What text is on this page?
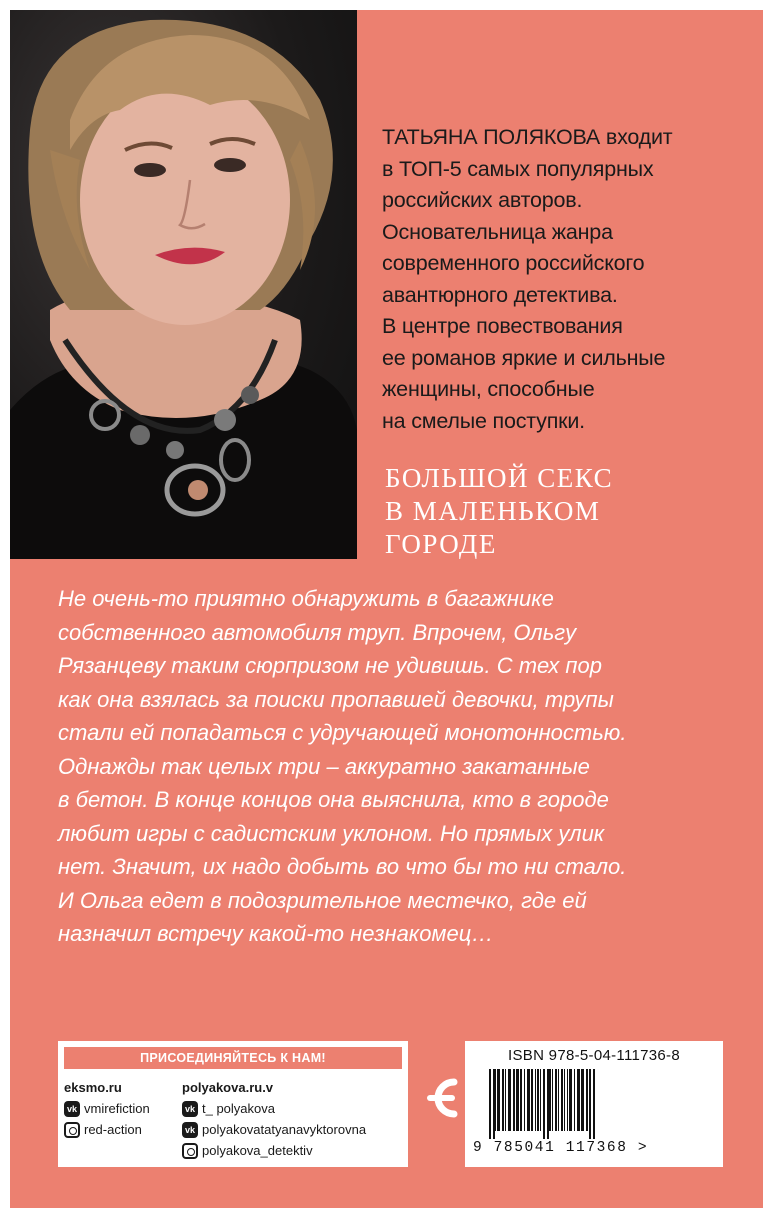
ТАТЬЯНА ПОЛЯКОВА входит
в ТОП-5 самых популярных
российских авторов.
Основательница жанра
современного российского
авантюрного детектива.
В центре повествования
ее романов яркие и сильные
женщины, способные
на смелые поступки.
БОЛЬШОЙ СЕКС
В МАЛЕНЬКОМ
ГОРОДЕ
Не очень-то приятно обнаружить в багажнике
собственного автомобиля труп. Впрочем, Ольгу
Рязанцеву таким сюрпризом не удивишь. С тех пор
как она взялась за поиски пропавшей девочки, трупы
стали ей попадаться с удручающей монотонностью.
Однажды так целых три – аккуратно закатанные
в бетон. В конце концов она выяснила, кто в городе
любит игры с садистским уклоном. Но прямых улик
нет. Значит, их надо добыть во что бы то ни стало.
И Ольга едет в подозрительное местечко, где ей
назначил встречу какой-то незнакомец…
ПРИСОЕДИНЯЙТЕСЬ К НАМ!
eksmo.ru
vk vmirefiction
red-action
polyakova.ru.v
vk t_ polyakova
vk polyakovatatyanavyktorovna
polyakova_detektiv
ISBN 978-5-04-111736-8
9 785041 117368 >
